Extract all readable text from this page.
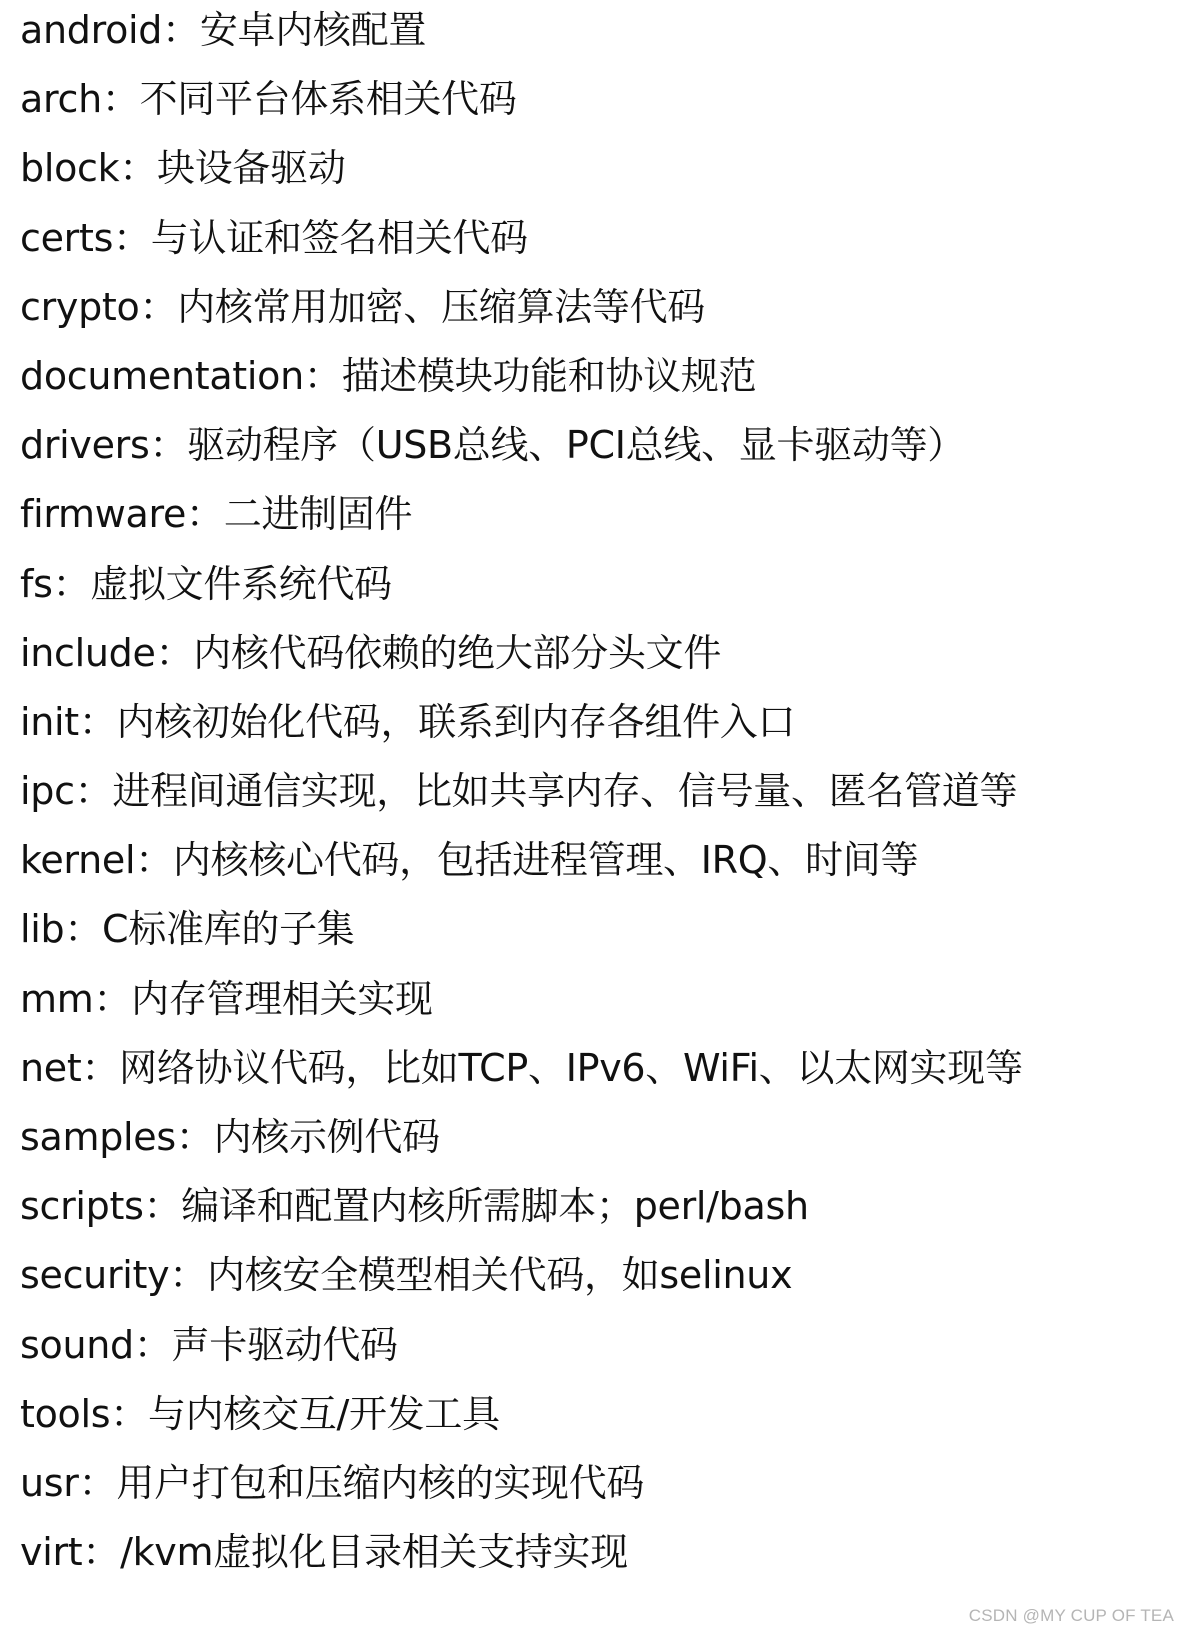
android：安卓内核配置
arch：不同平台体系相关代码
block：块设备驱动
certs：与认证和签名相关代码
crypto：内核常用加密、压缩算法等代码
documentation：描述模块功能和协议规范
drivers：驱动程序（USB总线、PCI总线、显卡驱动等）
firmware：二进制固件
fs：虚拟文件系统代码
include：内核代码依赖的绝大部分头文件
init：内核初始化代码，联系到内存各组件入口
ipc：进程间通信实现，比如共享内存、信号量、匿名管道等
kernel：内核核心代码，包括进程管理、IRQ、时间等
lib：C标准库的子集
mm：内存管理相关实现
net：网络协议代码，比如TCP、IPv6、WiFi、以太网实现等
samples：内核示例代码
scripts：编译和配置内核所需脚本；perl/bash
security：内核安全模型相关代码，如selinux
sound：声卡驱动代码
tools：与内核交互/开发工具
usr：用户打包和压缩内核的实现代码
virt：/kvm虚拟化目录相关支持实现
CSDN @MY CUP OF TEA
